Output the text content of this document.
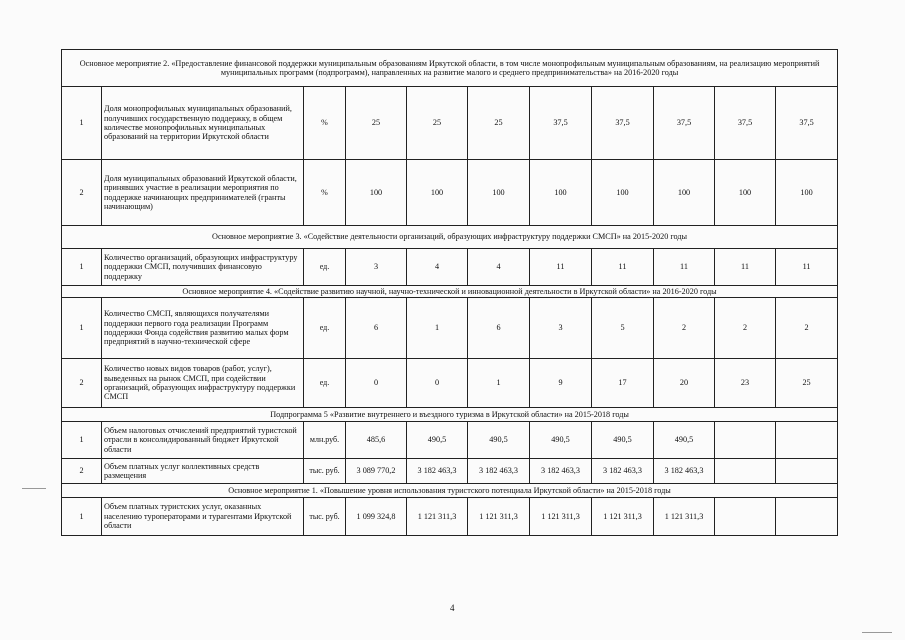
Основное мероприятие 2. «Предоставление финансовой поддержки муниципальным образованиям Иркутской области, в том числе монопрофильным муниципальным образованиям, на реализацию мероприятий муниципальных программ (подпрограмм), направленных на развитие малого и среднего предпринимательства» на 2016-2020 годы										
1	Доля монопрофильных муниципальных образований, получивших государственную поддержку, в общем количестве монопрофильных муниципальных образований на территории Иркутской области	%	25	25	25	37,5	37,5	37,5	37,5	37,5
2	Доля муниципальных образований Иркутской области, принявших участие в реализации мероприятия по поддержке начинающих предпринимателей (гранты начинающим)	%	100	100	100	100	100	100	100	100
Основное мероприятие 3. «Содействие деятельности организаций, образующих инфраструктуру поддержки СМСП» на 2015-2020 годы										
1	Количество организаций, образующих инфраструктуру поддержки СМСП, получивших финансовую поддержку	ед.	3	4	4	11	11	11	11	11
Основное мероприятие 4. «Содействие развитию научной, научно-технической и инновационной деятельности в Иркутской области» на 2016-2020 годы										
1	Количество СМСП, являющихся получателями поддержки первого года реализации Программ поддержки Фонда содействия развитию малых форм предприятий в научно-технической сфере	ед.	6	1	6	3	5	2	2	2
2	Количество новых видов товаров (работ, услуг), выведенных на рынок СМСП, при содействии организаций, образующих инфраструктуру поддержки СМСП	ед.	0	0	1	9	17	20	23	25
Подпрограмма 5 «Развитие внутреннего и въездного туризма в Иркутской области» на 2015-2018 годы										
1	Объем налоговых отчислений предприятий туристской отрасли в консолидированный бюджет Иркутской области	млн.руб.	485,6	490,5	490,5	490,5	490,5	490,5		
2	Объем платных услуг коллективных средств размещения	тыс. руб.	3 089 770,2	3 182 463,3	3 182 463,3	3 182 463,3	3 182 463,3	3 182 463,3		
Основное мероприятие 1. «Повышение уровня использования туристского потенциала Иркутской области» на 2015-2018 годы										
1	Объем платных туристских услуг, оказанных населению туроператорами и турагентами Иркутской области	тыс. руб.	1 099 324,8	1 121 311,3	1 121 311,3	1 121 311,3	1 121 311,3	1 121 311,3		
4
